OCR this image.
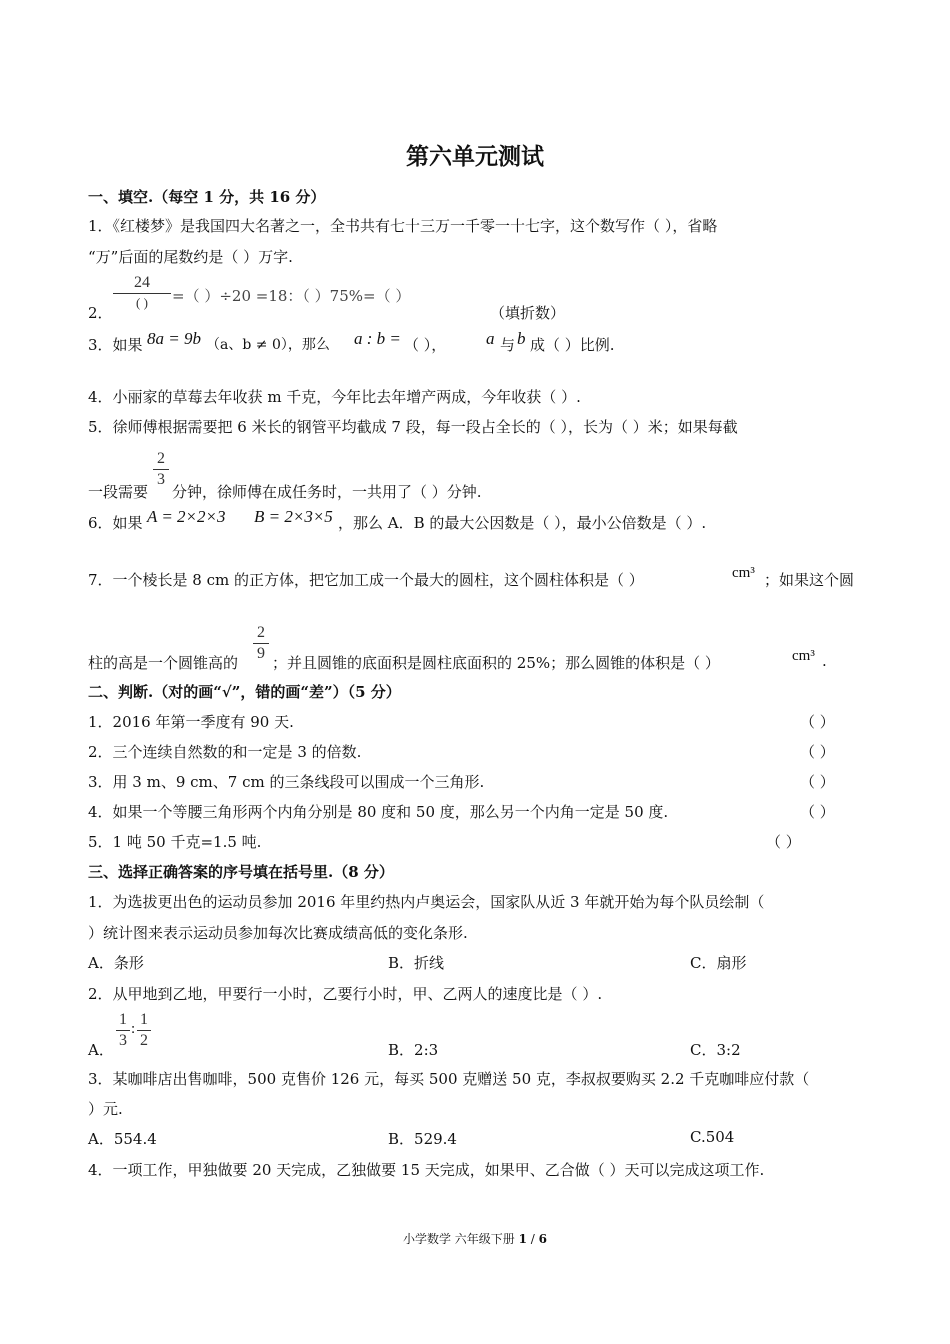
第六单元测试
一、填空.（每空 1 分，共 16 分）
1．《红楼梦》是我国四大名著之一，全书共有七十三万一千零一十七字，这个数写作（ ），省略
“万”后面的尾数约是（ ）万字.
2．
24
( )	=（ ）÷20 =18：（ ）75%=（ ）
（填折数）
3．如果 8a = 9b （a、b ≠ 0），那么 a : b = （ ）， a 与 b 成（ ）比例.
4．小丽家的草莓去年收获 m 千克，今年比去年增产两成，今年收获（ ）.
5．徐师傅根据需要把 6 米长的钢管平均截成 7 段，每一段占全长的（ ），长为（ ）米；如果每截
一段需要
2
3
分钟，徐师傅在成任务时，一共用了（ ）分钟.
6．如果 A = 2×2×3 B = 2×3×5 ，那么 A．B 的最大公因数是（ ），最小公倍数是（ ）.
7．一个棱长是 8 cm 的正方体，把它加工成一个最大的圆柱，这个圆柱体积是（ ）	cm³ ；如果这个圆
柱的高是一个圆锥高的
2
9
；并且圆锥的底面积是圆柱底面积的 25%；那么圆锥的体积是（ ）	cm³ .
二、判断.（对的画“√”，错的画“差”）（5 分）
1．2016 年第一季度有 90 天.	（ ）
2．三个连续自然数的和一定是 3 的倍数.	（ ）
3．用 3 m、9 cm、7 cm 的三条线段可以围成一个三角形.	（ ）
4．如果一个等腰三角形两个内角分别是 80 度和 50 度，那么另一个内角一定是 50 度.	（ ）
5．1 吨 50 千克=1.5 吨.	（ ）
三、选择正确答案的序号填在括号里.（8 分）
1．为选拔更出色的运动员参加 2016 年里约热内卢奥运会，国家队从近 3 年就开始为每个队员绘制（
）统计图来表示运动员参加每次比赛成绩高低的变化条形.
A．条形	B．折线	C．扇形
2．从甲地到乙地，甲要行一小时，乙要行小时，甲、乙两人的速度比是（ ）.
A．
1
3
:
1
2
B．2:3	C．3:2
3．某咖啡店出售咖啡，500 克售价 126 元，每买 500 克赠送 50 克，李叔叔要购买 2.2 千克咖啡应付款（
）元.
A．554.4	B．529.4	C.504
4．一项工作，甲独做要 20 天完成，乙独做要 15 天完成，如果甲、乙合做（ ）天可以完成这项工作.
小学数学 六年级下册 1 / 6
